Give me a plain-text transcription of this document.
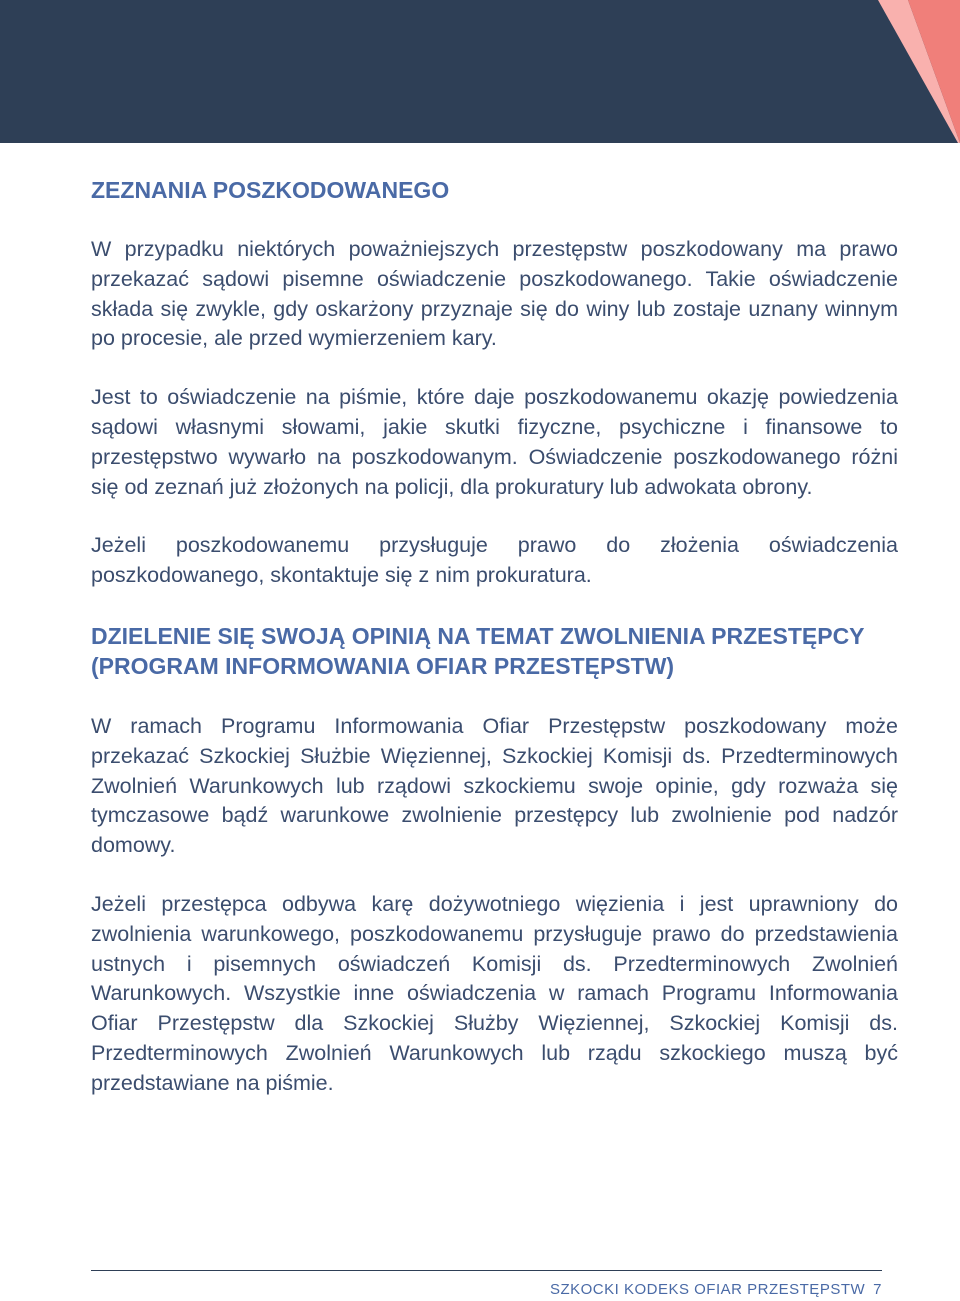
ZEZNANIA POSZKODOWANEGO

W przypadku niektórych poważniejszych przestępstw poszkodowany ma prawo przekazać sądowi pisemne oświadczenie poszkodowanego. Takie oświadczenie składa się zwykle, gdy oskarżony przyznaje się do winy lub zostaje uznany winnym po procesie, ale przed wymierzeniem kary.

Jest to oświadczenie na piśmie, które daje poszkodowanemu okazję powiedzenia sądowi własnymi słowami, jakie skutki fizyczne, psychiczne i finansowe to przestępstwo wywarło na poszkodowanym. Oświadczenie poszkodowanego różni się od zeznań już złożonych na policji, dla prokuratury lub adwokata obrony.

Jeżeli poszkodowanemu przysługuje prawo do złożenia oświadczenia poszkodowanego, skontaktuje się z nim prokuratura.

DZIELENIE SIĘ SWOJĄ OPINIĄ NA TEMAT ZWOLNIENIA PRZESTĘPCY
(PROGRAM INFORMOWANIA OFIAR PRZESTĘPSTW)

W ramach Programu Informowania Ofiar Przestępstw poszkodowany może przekazać Szkockiej Służbie Więziennej, Szkockiej Komisji ds. Przedterminowych Zwolnień Warunkowych lub rządowi szkockiemu swoje opinie, gdy rozważa się tymczasowe bądź warunkowe zwolnienie przestępcy lub zwolnienie pod nadzór domowy.

Jeżeli przestępca odbywa karę dożywotniego więzienia i jest uprawniony do zwolnienia warunkowego, poszkodowanemu przysługuje prawo do przedstawienia ustnych i pisemnych oświadczeń Komisji ds. Przedterminowych Zwolnień Warunkowych. Wszystkie inne oświadczenia w ramach Programu Informowania Ofiar Przestępstw dla Szkockiej Służby Więziennej, Szkockiej Komisji ds. Przedterminowych Zwolnień Warunkowych lub rządu szkockiego muszą być przedstawiane na piśmie.

SZKOCKI KODEKS OFIAR PRZESTĘPSTW 7
